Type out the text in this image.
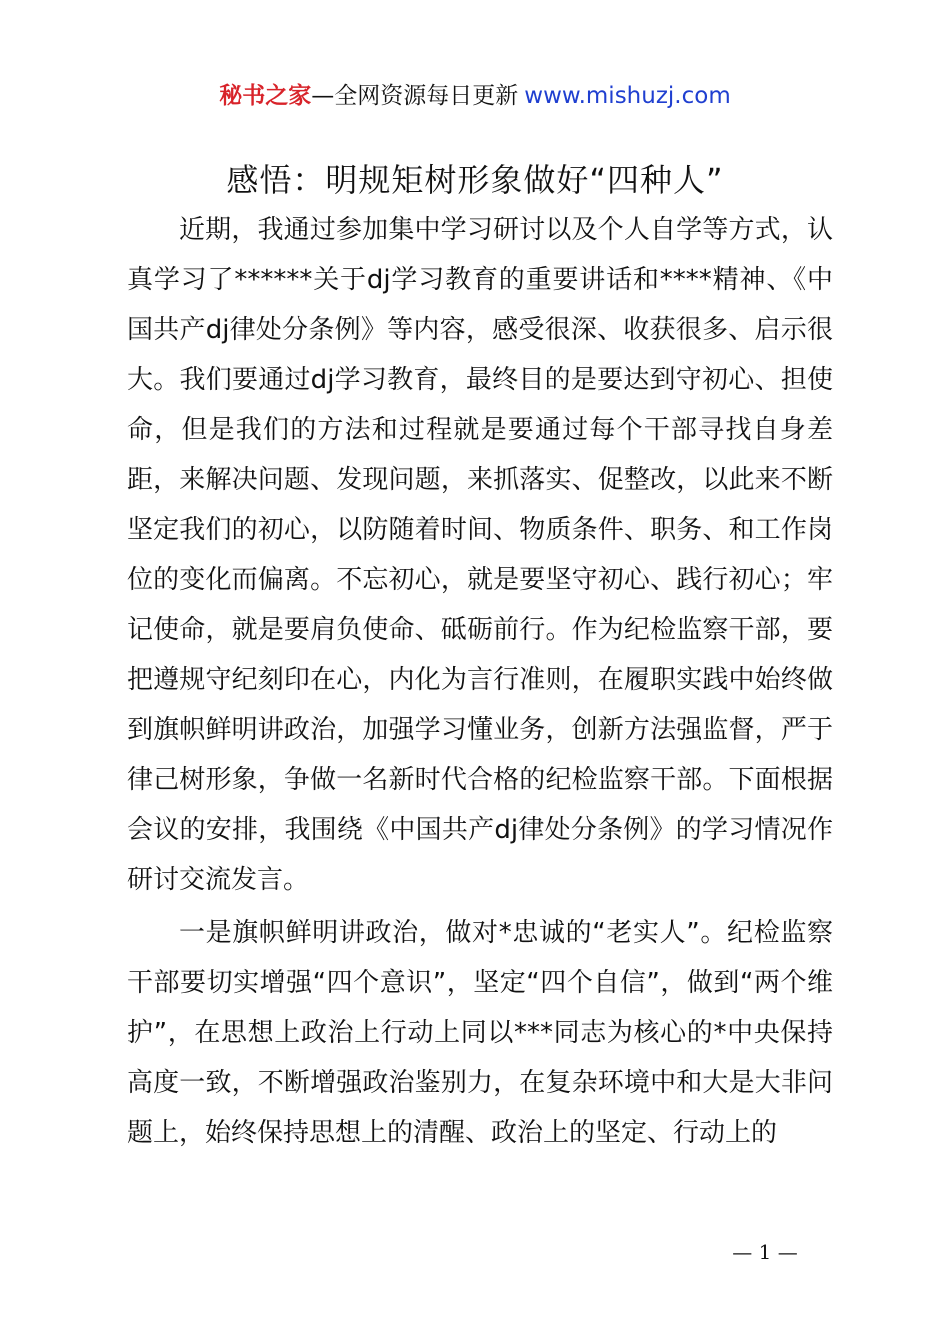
秘书之家—全网资源每日更新 www.mishuzj.com
感悟：明规矩树形象做好“四种人”

近期，我通过参加集中学习研讨以及个人自学等方式，认真学习了******关于dj学习教育的重要讲话和****精神、《中国共产dj律处分条例》等内容，感受很深、收获很多、启示很大。我们要通过dj学习教育，最终目的是要达到守初心、担使命，但是我们的方法和过程就是要通过每个干部寻找自身差距，来解决问题、发现问题，来抓落实、促整改，以此来不断坚定我们的初心，以防随着时间、物质条件、职务、和工作岗位的变化而偏离。不忘初心，就是要坚守初心、践行初心；牢记使命，就是要肩负使命、砥砺前行。作为纪检监察干部，要把遵规守纪刻印在心，内化为言行准则，在履职实践中始终做到旗帜鲜明讲政治，加强学习懂业务，创新方法强监督，严于律己树形象，争做一名新时代合格的纪检监察干部。下面根据会议的安排，我围绕《中国共产dj律处分条例》的学习情况作研讨交流发言。

一是旗帜鲜明讲政治，做对*忠诚的“老实人”。纪检监察干部要切实增强“四个意识”，坚定“四个自信”，做到“两个维护”，在思想上政治上行动上同以***同志为核心的*中央保持高度一致，不断增强政治鉴别力，在复杂环境中和大是大非问题上，始终保持思想上的清醒、政治上的坚定、行动上的

— 1 —
